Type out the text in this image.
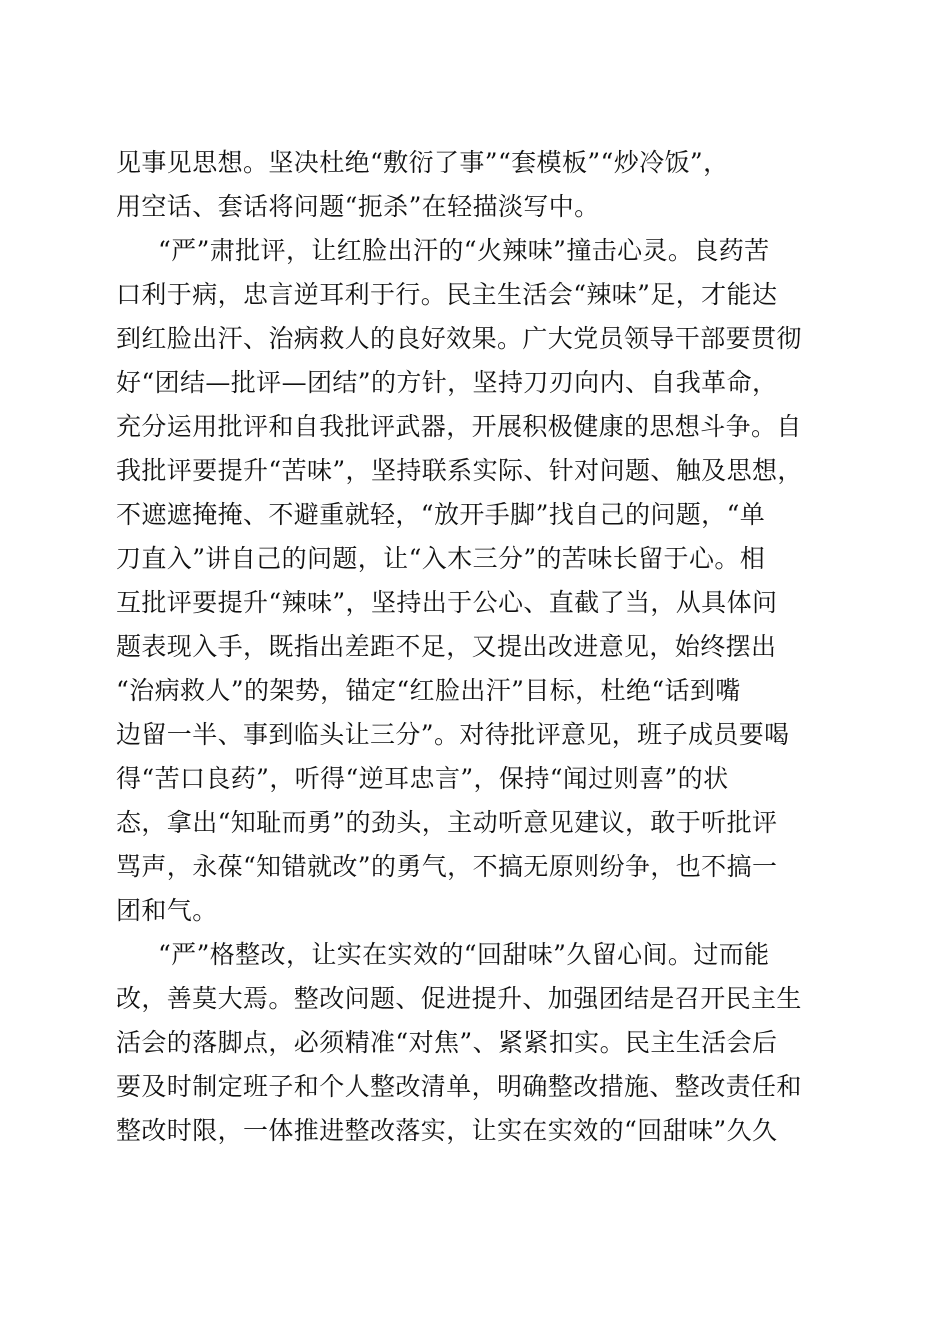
见事见思想。坚决杜绝“敷衍了事”“套模板”“炒冷饭”，
用空话、套话将问题“扼杀”在轻描淡写中。
“严”肃批评，让红脸出汗的“火辣味”撞击心灵。良药苦
口利于病，忠言逆耳利于行。民主生活会“辣味”足，才能达
到红脸出汗、治病救人的良好效果。广大党员领导干部要贯彻
好“团结—批评—团结”的方针，坚持刀刃向内、自我革命，
充分运用批评和自我批评武器，开展积极健康的思想斗争。自
我批评要提升“苦味”，坚持联系实际、针对问题、触及思想，
不遮遮掩掩、不避重就轻，“放开手脚”找自己的问题，“单
刀直入”讲自己的问题，让“入木三分”的苦味长留于心。相
互批评要提升“辣味”，坚持出于公心、直截了当，从具体问
题表现入手，既指出差距不足，又提出改进意见，始终摆出
“治病救人”的架势，锚定“红脸出汗”目标，杜绝“话到嘴
边留一半、事到临头让三分”。对待批评意见，班子成员要喝
得“苦口良药”，听得“逆耳忠言”，保持“闻过则喜”的状
态，拿出“知耻而勇”的劲头，主动听意见建议，敢于听批评
骂声，永葆“知错就改”的勇气，不搞无原则纷争，也不搞一
团和气。
“严”格整改，让实在实效的“回甜味”久留心间。过而能
改，善莫大焉。整改问题、促进提升、加强团结是召开民主生
活会的落脚点，必须精准“对焦”、紧紧扣实。民主生活会后
要及时制定班子和个人整改清单，明确整改措施、整改责任和
整改时限，一体推进整改落实，让实在实效的“回甜味”久久
